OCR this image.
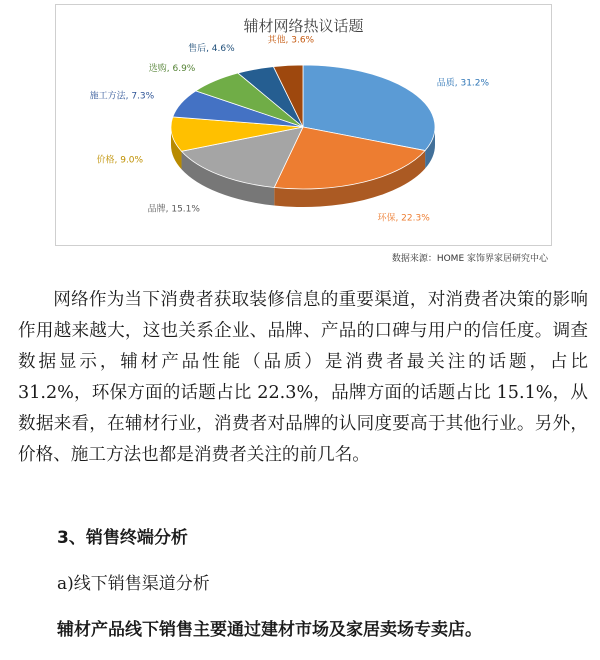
辅材网络热议话题
品质, 31.2%
环保, 22.3%
品牌, 15.1%
价格, 9.0%
施工方法, 7.3%
选购, 6.9%
售后, 4.6%
其他, 3.6%
数据来源：HOME 家饰界家居研究中心

网络作为当下消费者获取装修信息的重要渠道，对消费者决策的影响作用越来越大，这也关系企业、品牌、产品的口碑与用户的信任度。调查数据显示，辅材产品性能（品质）是消费者最关注的话题，占比 31.2%，环保方面的话题占比 22.3%，品牌方面的话题占比 15.1%，从数据来看，在辅材行业，消费者对品牌的认同度要高于其他行业。另外，价格、施工方法也都是消费者关注的前几名。

3、销售终端分析
a)线下销售渠道分析
辅材产品线下销售主要通过建材市场及家居卖场专卖店。
